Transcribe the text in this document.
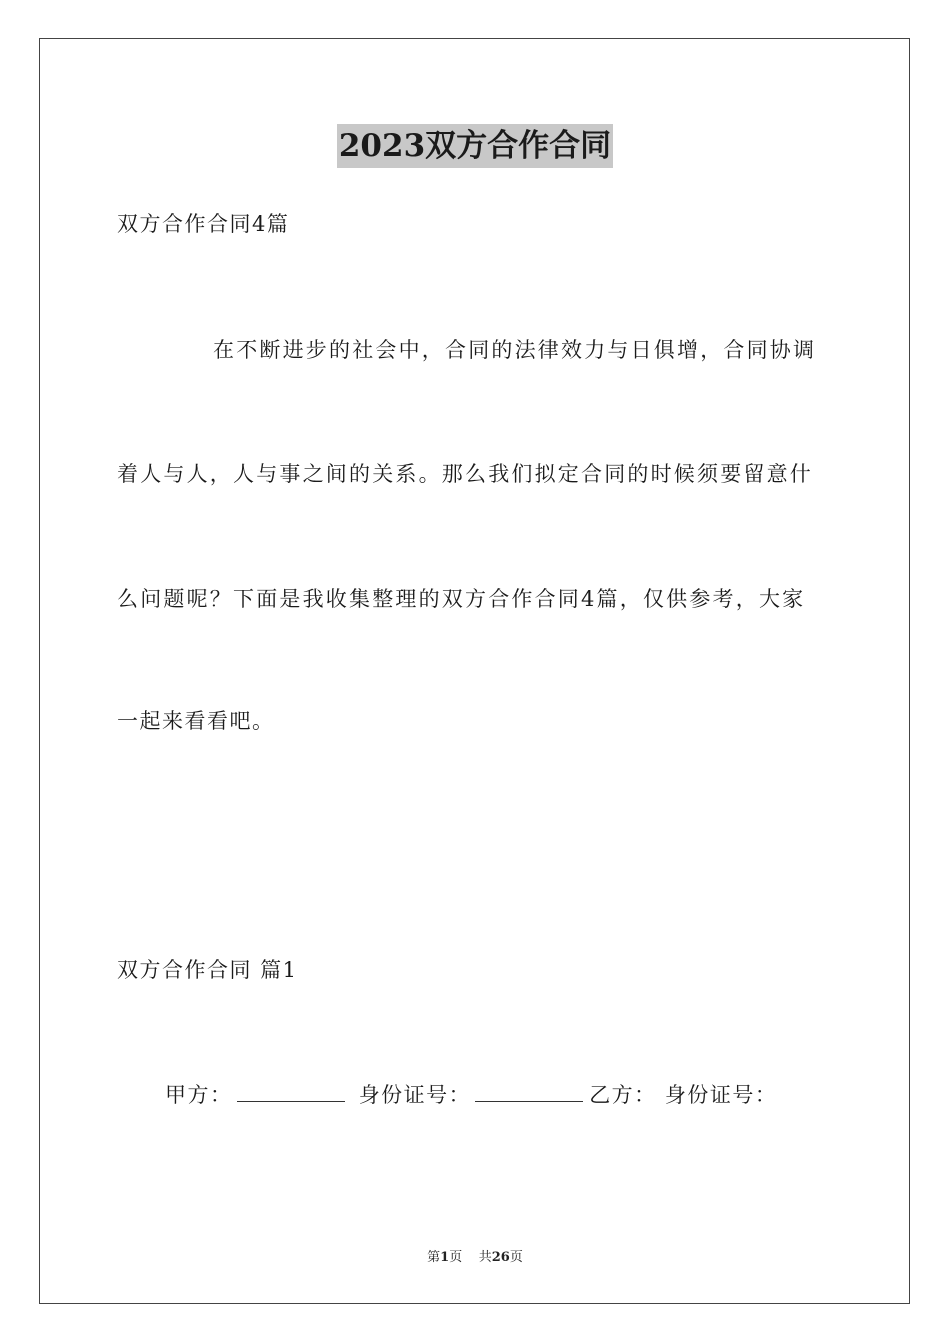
2023双方合作合同
双方合作合同4篇
在不断进步的社会中，合同的法律效力与日俱增，合同协调
着人与人，人与事之间的关系。那么我们拟定合同的时候须要留意什
么问题呢？下面是我收集整理的双方合作合同4篇，仅供参考，大家
一起来看看吧。
双方合作合同 篇1
甲方：	身份证号：	乙方： 身份证号：
第1页 共26页
